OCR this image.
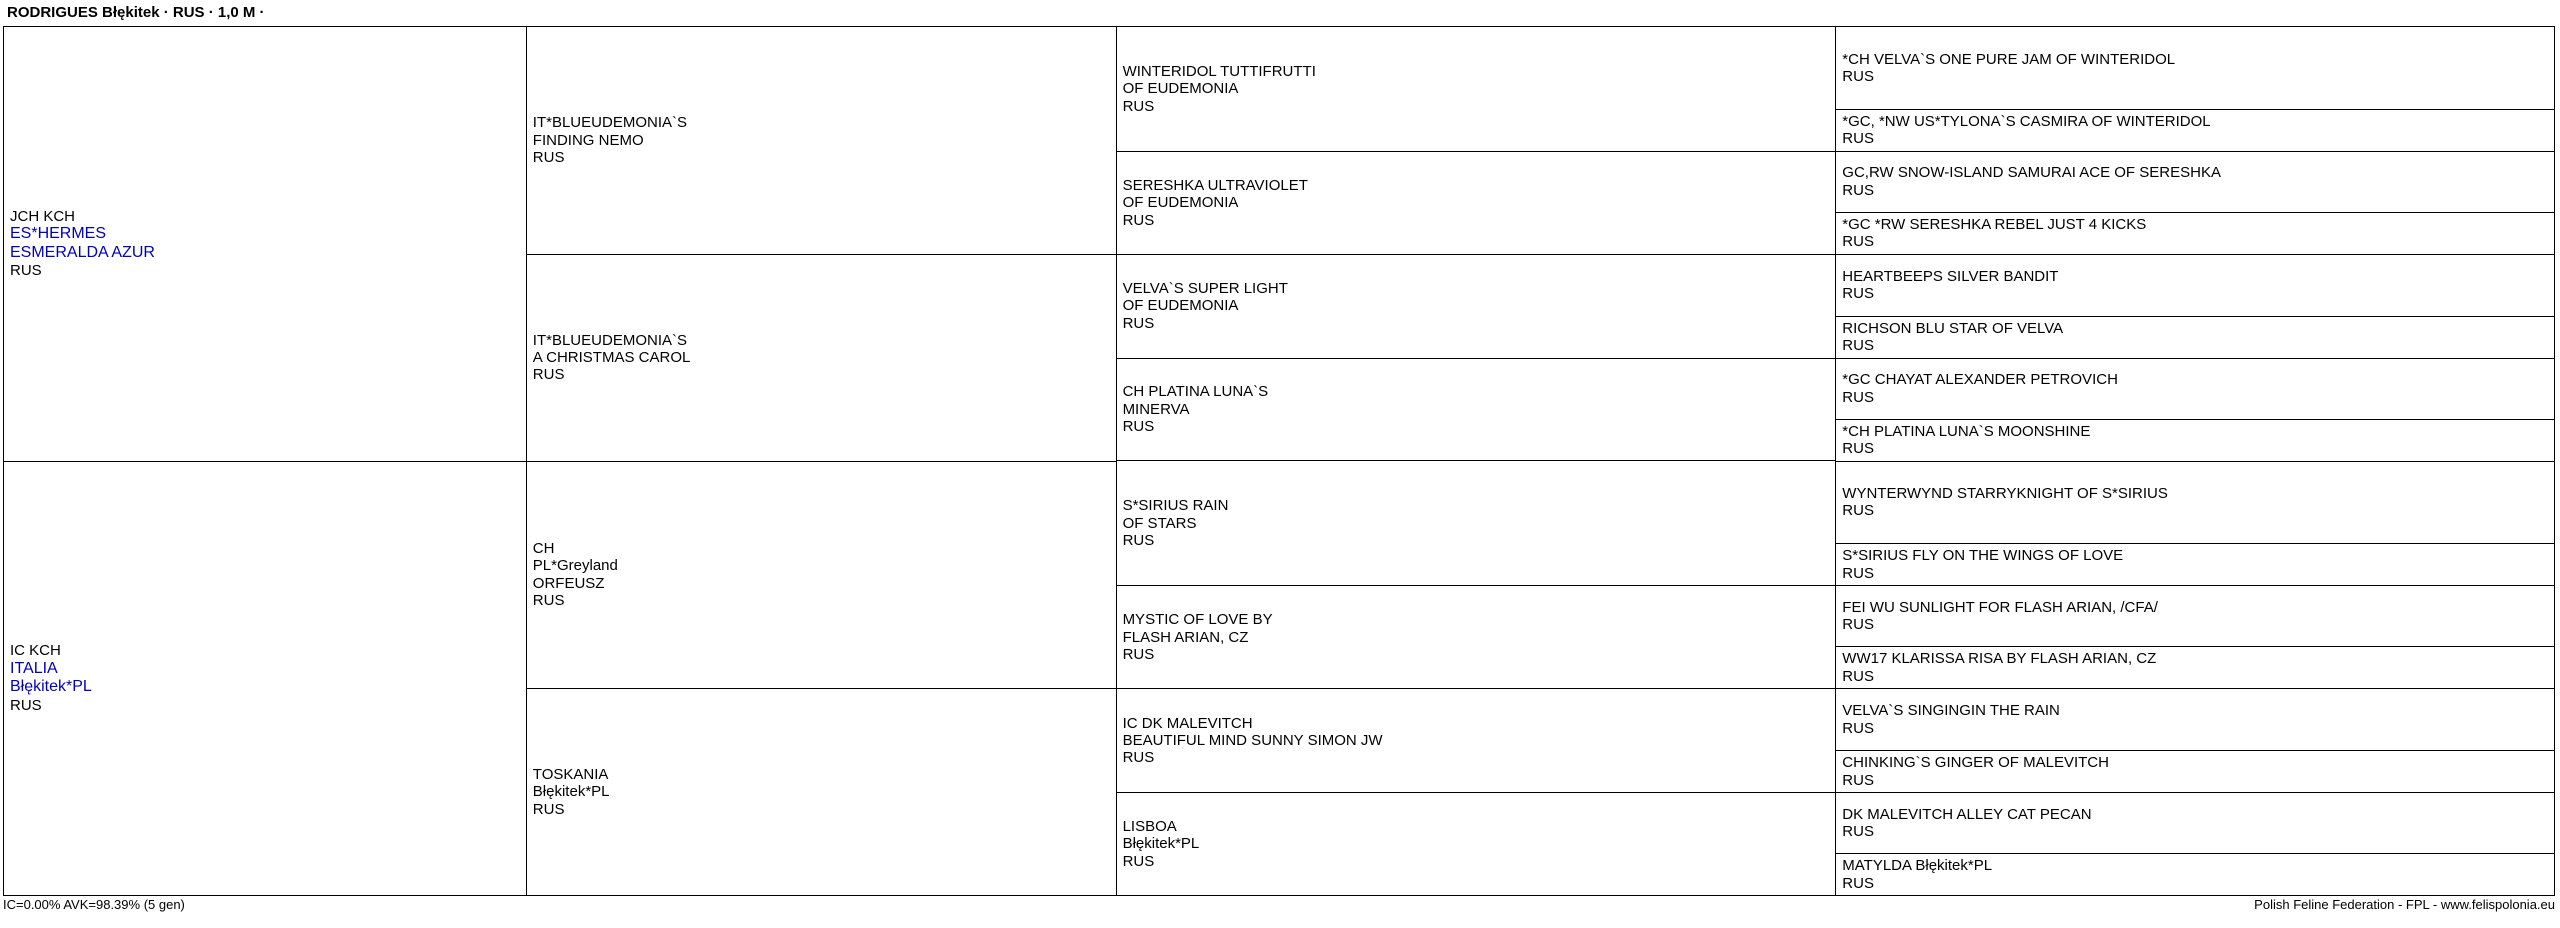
RODRIGUES Błękitek · RUS · 1,0 M ·
JCH KCH
ES*HERMES
ESMERALDA AZUR
RUS
IC KCH
ITALIA
Błękitek*PL
RUS
IT*BLUEUDEMONIA`S
FINDING NEMO
RUS
IT*BLUEUDEMONIA`S
A CHRISTMAS CAROL
RUS
CH
PL*Greyland
ORFEUSZ
RUS
TOSKANIA
Błękitek*PL
RUS
WINTERIDOL TUTTIFRUTTI
OF EUDEMONIA
RUS
SERESHKA ULTRAVIOLET
OF EUDEMONIA
RUS
VELVA`S SUPER LIGHT
OF EUDEMONIA
RUS
CH PLATINA LUNA`S
MINERVA
RUS
S*SIRIUS RAIN
OF STARS
RUS
MYSTIC OF LOVE BY
FLASH ARIAN, CZ
RUS
IC DK MALEVITCH
BEAUTIFUL MIND SUNNY SIMON JW
RUS
LISBOA
Błękitek*PL
RUS
*CH VELVA`S ONE PURE JAM OF WINTERIDOL
RUS
*GC, *NW US*TYLONA`S CASMIRA OF WINTERIDOL
RUS
GC,RW SNOW-ISLAND SAMURAI ACE OF SERESHKA
RUS
*GC *RW SERESHKA REBEL JUST 4 KICKS
RUS
HEARTBEEPS SILVER BANDIT
RUS
RICHSON BLU STAR OF VELVA
RUS
*GC CHAYAT ALEXANDER PETROVICH
RUS
*CH PLATINA LUNA`S MOONSHINE
RUS
WYNTERWYND STARRYKNIGHT OF S*SIRIUS
RUS
S*SIRIUS FLY ON THE WINGS OF LOVE
RUS
FEI WU SUNLIGHT FOR FLASH ARIAN, /CFA/
RUS
WW17 KLARISSA RISA BY FLASH ARIAN, CZ
RUS
VELVA`S SINGINGIN THE RAIN
RUS
CHINKING`S GINGER OF MALEVITCH
RUS
DK MALEVITCH ALLEY CAT PECAN
RUS
MATYLDA Błękitek*PL
RUS
IC=0.00% AVK=98.39% (5 gen)	Polish Feline Federation - FPL - www.felispolonia.eu
